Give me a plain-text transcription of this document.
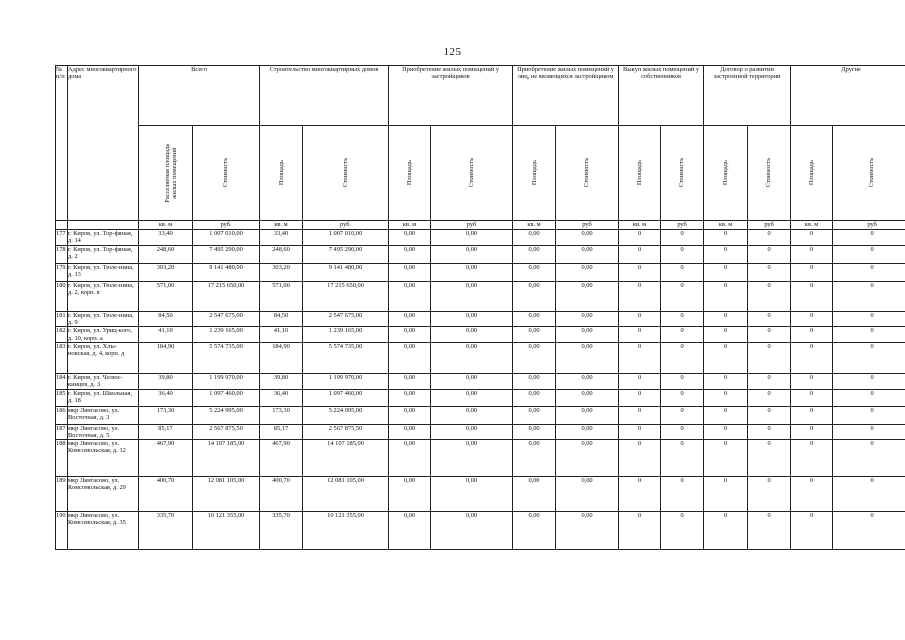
125
№ п/п	Адрес многоквартирного дома	Всего		Строительство многоквартирных домов		Приобретение жилых помещений у застройщиков		Приобретение жилых помещений у лиц, не являющихся застройщиком		Выкуп жилых помещений у собственников		Договор о развитии застроенной территории		Другие	
		Расселяемая площадь жилых помещений	Стоимость	Площадь	Стоимость	Площадь	Стоимость	Площадь	Стоимость	Площадь	Стоимость	Площадь	Стоимость	Площадь	Стоимость
		кв. м	руб.	кв. м	руб.	кв. м	руб	кв. м	руб	кв. м	руб	кв. м	руб	кв. м	руб
177	г. Киров, ул. Тор-фяная, д. 14	33,40	1 007 010,00	33,40	1 007 010,00	0,00	0,00	0,00	0,00	0	0	0	0	0	0
178	г. Киров, ул. Тор-фяная, д. 2	248,60	7 495 290,00	248,60	7 495 290,00	0,00	0,00	0,00	0,00	0	0	0	0	0	0
179	г. Киров, ул. Тюле-нина, д. 13	303,20	9 141 480,00	303,20	9 141 480,00	0,00	0,00	0,00	0,00	0	0	0	0	0	0
180	г. Киров, ул. Тюле-нина, д. 2, корп. в	571,00	17 215 650,00	571,00	17 215 650,00	0,00	0,00	0,00	0,00	0	0	0	0	0	0
181	г. Киров, ул. Тюле-нина, д. 9	84,50	2 547 675,00	84,50	2 547 675,00	0,00	0,00	0,00	0,00	0	0	0	0	0	0
182	г. Киров, ул. Уриц-кого, д. 10, корп. а	41,10	1 239 165,00	41,10	1 239 165,00	0,00	0,00	0,00	0,00	0	0	0	0	0	0
183	г. Киров, ул. Хлы-новская, д. 4, корп. д	184,90	5 574 735,00	184,90	5 574 735,00	0,00	0,00	0,00	0,00	0	0	0	0	0	0
184	г. Киров, ул. Челюс-кинцев, д. 3	39,80	1 199 970,00	39,80	1 199 970,00	0,00	0,00	0,00	0,00	0	0	0	0	0	0
185	г. Киров, ул. Школьная, д. 18	36,40	1 097 460,00	36,40	1 097 460,00	0,00	0,00	0,00	0,00	0	0	0	0	0	0
186	мкр Лянгасово, ул. Восточная, д. 3	173,30	5 224 995,00	173,30	5 224 995,00	0,00	0,00	0,00	0,00	0	0	0	0	0	0
187	мкр Лянгасово, ул. Восточная, д. 5	85,17	2 567 875,50	85,17	2 567 875,50	0,00	0,00	0,00	0,00	0	0	0	0	0	0
188	мкр Лянгасово, ул. Комсомольская, д. 12	467,90	14 107 185,00	467,90	14 107 185,00	0,00	0,00	0,00	0,00	0	0	0	0	0	0
189	мкр Лянгасово, ул. Комсомольская, д. 29	400,70	12 081 105,00	400,70	12 081 105,00	0,00	0,00	0,00	0,00	0	0	0	0	0	0
190	мкр Лянгасово, ул. Комсомольская, д. 35	335,70	10 121 355,00	335,70	10 121 355,00	0,00	0,00	0,00	0,00	0	0	0	0	0	0
